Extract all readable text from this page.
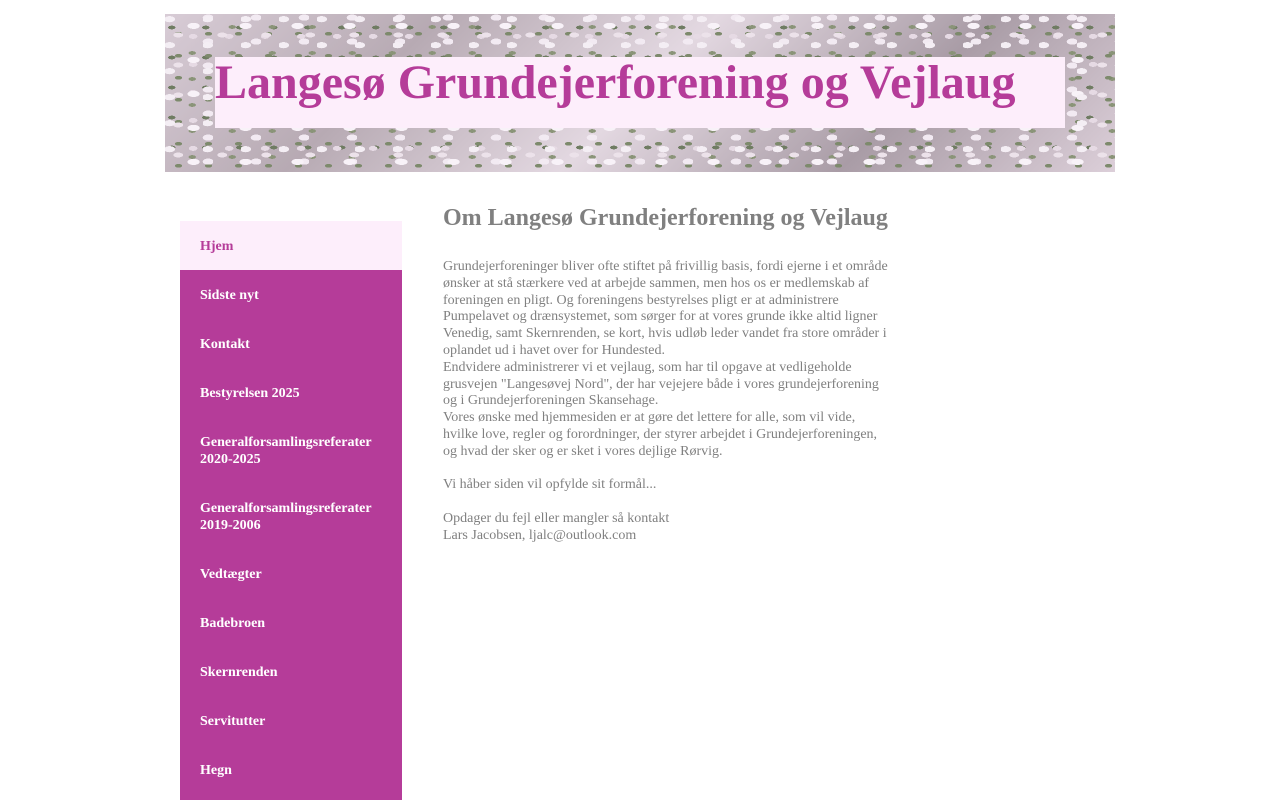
Langesø Grundejerforening og Vejlaug
Hjem
Sidste nyt
Kontakt
Bestyrelsen 2025
Generalforsamlingsreferater 2020-2025
Generalforsamlingsreferater 2019-2006
Vedtægter
Badebroen
Skernrenden
Servitutter
Hegn
Om Langesø Grundejerforening og Vejlaug

Grundejerforeninger bliver ofte stiftet på frivillig basis, fordi ejerne i et område ønsker at stå stærkere ved at arbejde sammen, men hos os er medlemskab af foreningen en pligt. Og foreningens bestyrelses pligt er at administrere Pumpelavet og drænsystemet, som sørger for at vores grunde ikke altid ligner Venedig, samt Skernrenden, se kort, hvis udløb leder vandet fra store områder i oplandet ud i havet over for Hundested.

Endvidere administrerer vi et vejlaug, som har til opgave at vedligeholde grusvejen "Langesøvej Nord", der har vejejere både i vores grundejerforening og i Grundejerforeningen Skansehage.

Vores ønske med hjemmesiden er at gøre det lettere for alle, som vil vide, hvilke love, regler og forordninger, der styrer arbejdet i Grundejerforeningen, og hvad der sker og er sket i vores dejlige Rørvig.

Vi håber siden vil opfylde sit formål...

Opdager du fejl eller mangler så kontakt

Lars Jacobsen, ljalc@outlook.com
